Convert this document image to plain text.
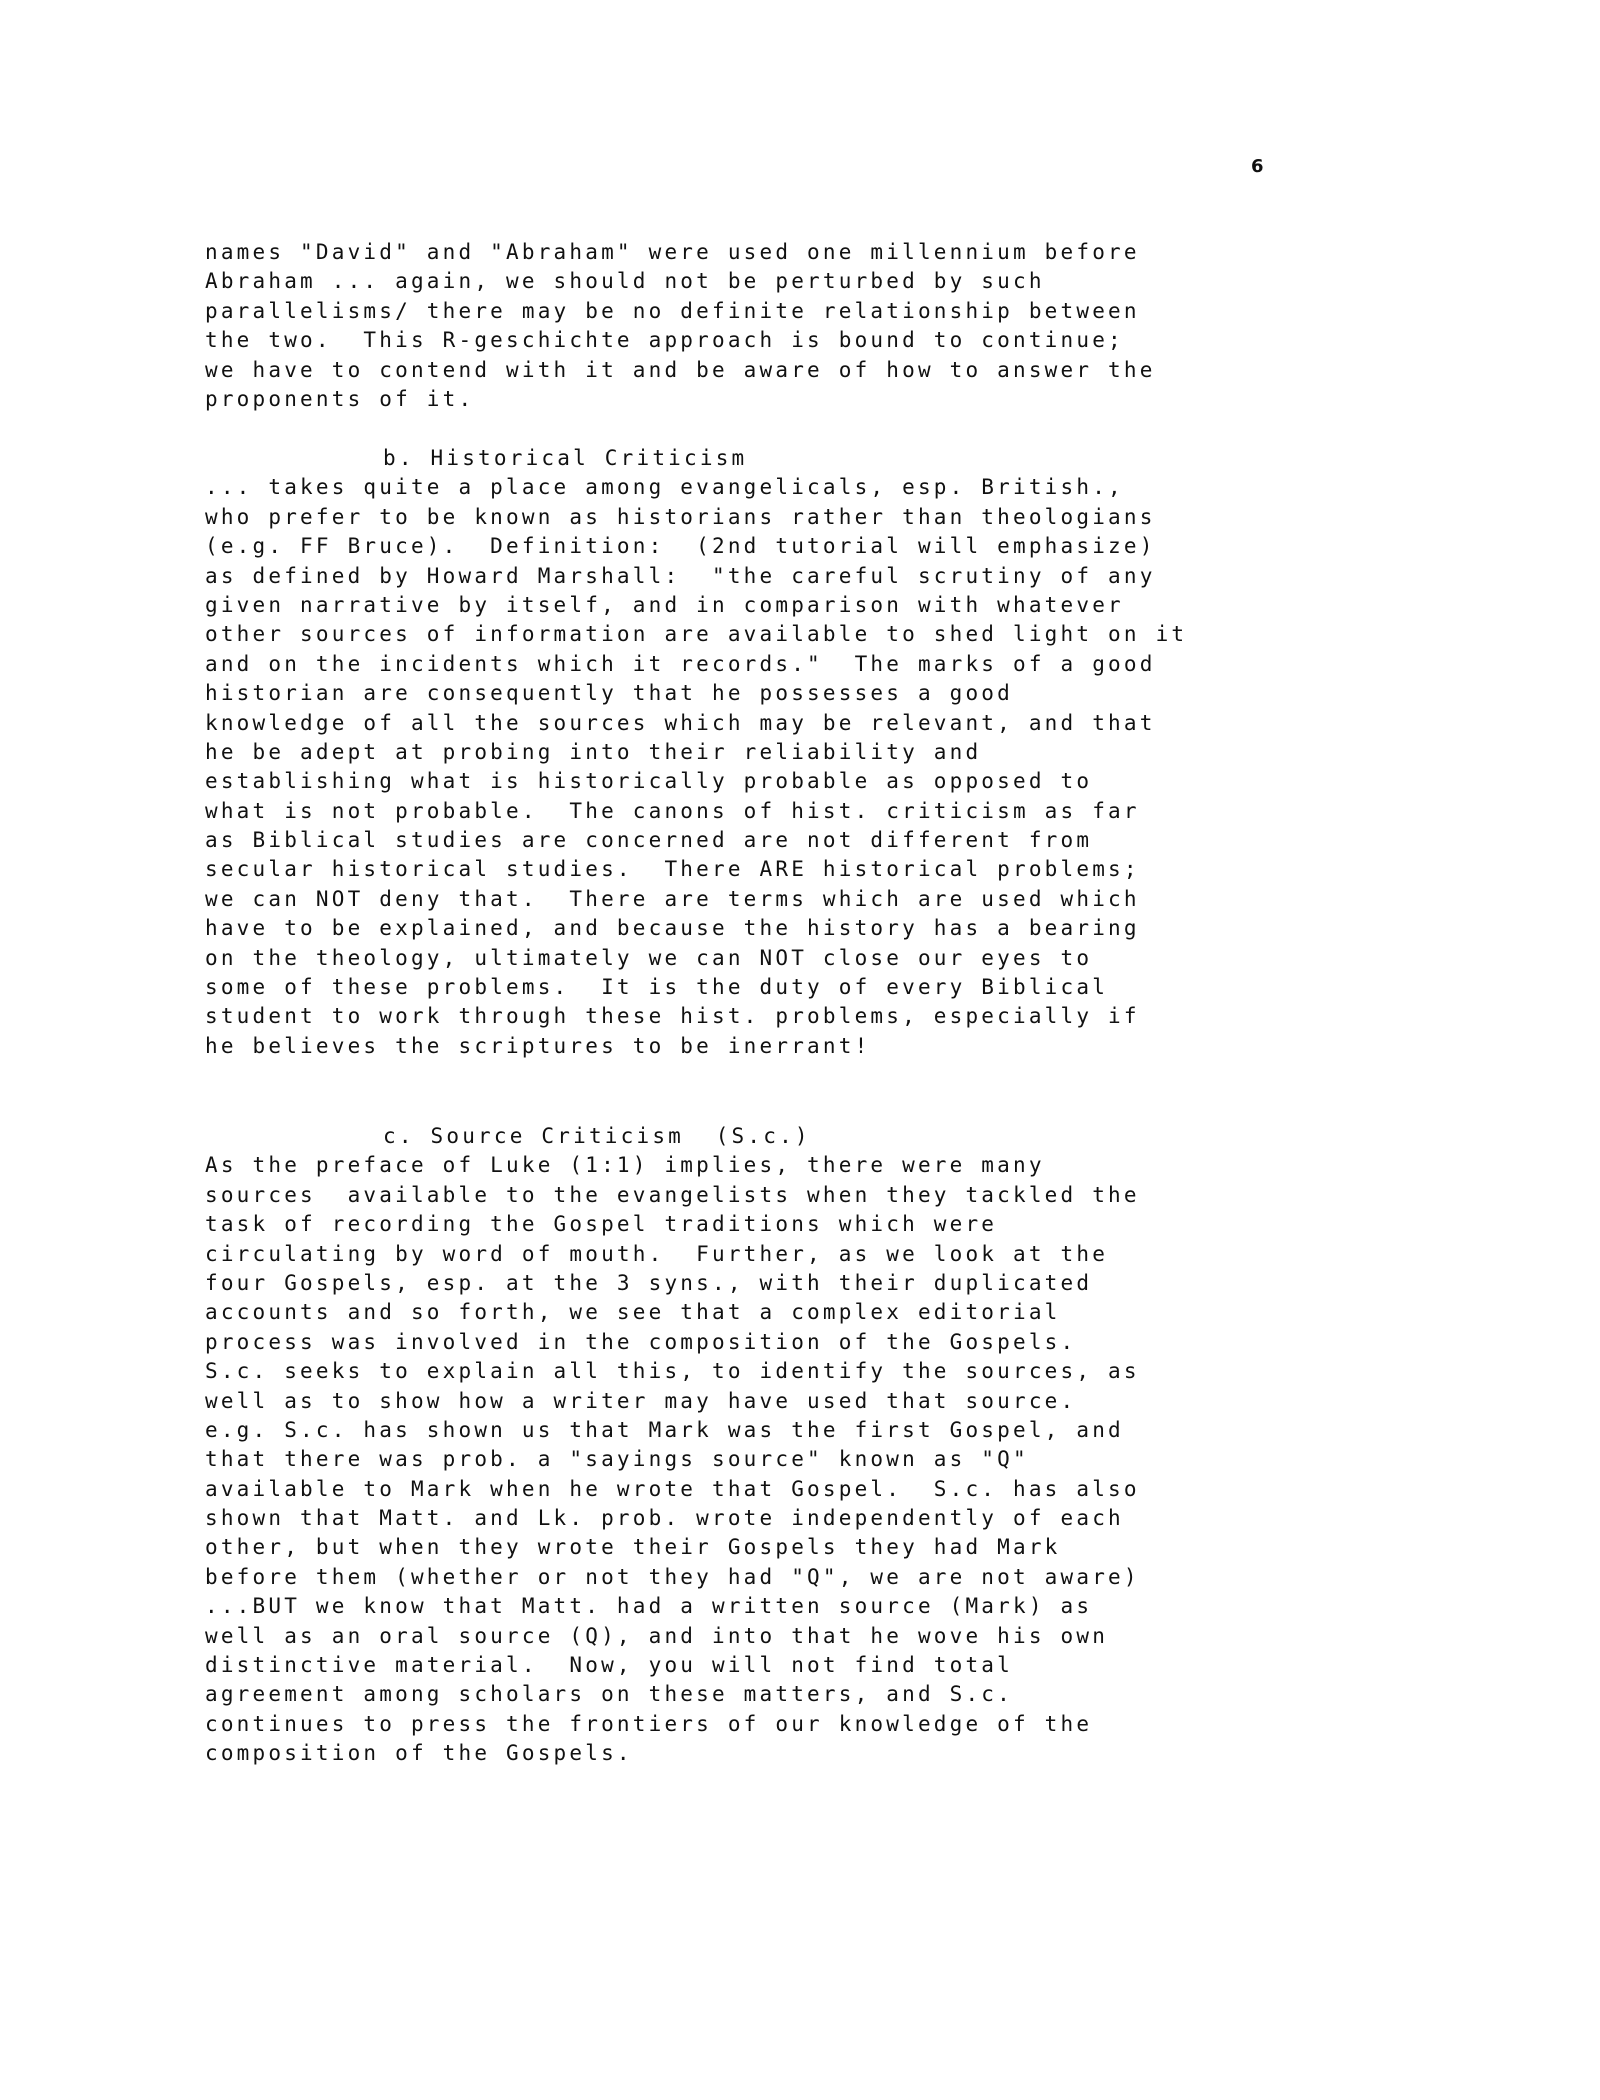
6
names "David" and "Abraham" were used one millennium before
Abraham ... again, we should not be perturbed by such
parallelisms/ there may be no definite relationship between
the two.  This R-geschichte approach is bound to continue;
we have to contend with it and be aware of how to answer the
proponents of it.
b. Historical Criticism
... takes quite a place among evangelicals, esp. British.,
who prefer to be known as historians rather than theologians
(e.g. FF Bruce).  Definition:  (2nd tutorial will emphasize)
as defined by Howard Marshall:  "the careful scrutiny of any
given narrative by itself, and in comparison with whatever
other sources of information are available to shed light on it
and on the incidents which it records."  The marks of a good
historian are consequently that he possesses a good
knowledge of all the sources which may be relevant, and that
he be adept at probing into their reliability and
establishing what is historically probable as opposed to
what is not probable.  The canons of hist. criticism as far
as Biblical studies are concerned are not different from
secular historical studies.  There ARE historical problems;
we can NOT deny that.  There are terms which are used which
have to be explained, and because the history has a bearing
on the theology, ultimately we can NOT close our eyes to
some of these problems.  It is the duty of every Biblical
student to work through these hist. problems, especially if
he believes the scriptures to be inerrant!
c. Source Criticism  (S.c.)
As the preface of Luke (1:1) implies, there were many
sources  available to the evangelists when they tackled the
task of recording the Gospel traditions which were
circulating by word of mouth.  Further, as we look at the
four Gospels, esp. at the 3 syns., with their duplicated
accounts and so forth, we see that a complex editorial
process was involved in the composition of the Gospels.
S.c. seeks to explain all this, to identify the sources, as
well as to show how a writer may have used that source.
e.g. S.c. has shown us that Mark was the first Gospel, and
that there was prob. a "sayings source" known as "Q"
available to Mark when he wrote that Gospel.  S.c. has also
shown that Matt. and Lk. prob. wrote independently of each
other, but when they wrote their Gospels they had Mark
before them (whether or not they had "Q", we are not aware)
...BUT we know that Matt. had a written source (Mark) as
well as an oral source (Q), and into that he wove his own
distinctive material.  Now, you will not find total
agreement among scholars on these matters, and S.c.
continues to press the frontiers of our knowledge of the
composition of the Gospels.
